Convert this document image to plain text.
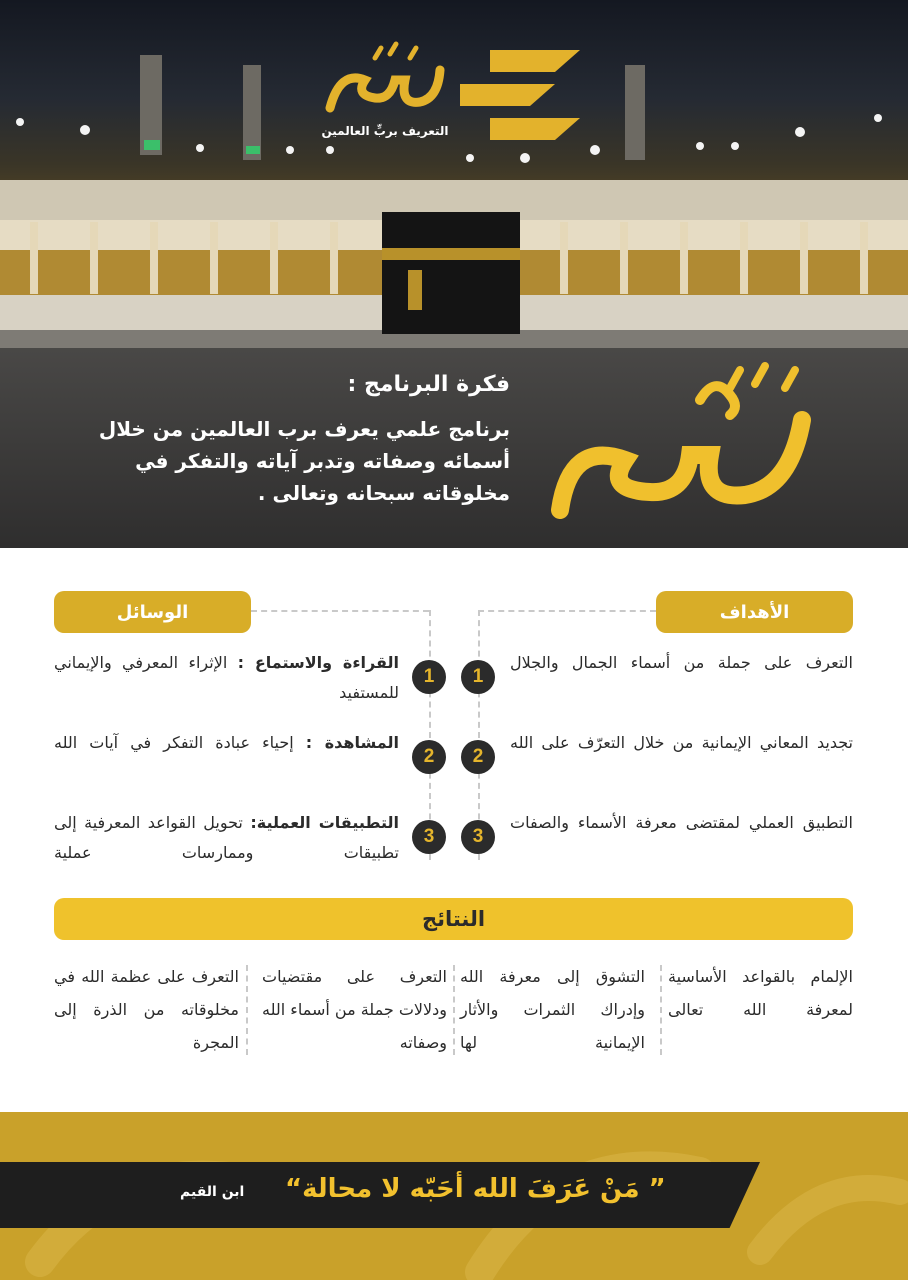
التعريف بربِّ العالمين
فكرة البرنامج :
برنامج علمي يعرف برب العالمين من خلال أسمائه وصفاته وتدبر آياته والتفكر في مخلوقاته سبحانه وتعالى .
الأهداف
الوسائل
1
التعرف على جملة من أسماء الجمال والجلال
2
تجديد المعاني الإيمانية من خلال التعرّف على الله
3
التطبيق العملي لمقتضى معرفة الأسماء والصفات
1
القراءة والاستماع : الإثراء المعرفي والإيماني للمستفيد
2
المشاهدة : إحياء عبادة التفكر في آيات الله
3
التطبيقات العملية: تحويل القواعد المعرفية إلى تطبيقات وممارسات عملية
النتائج
الإلمام بالقواعد الأساسية لمعرفة الله تعالى
التشوق إلى معرفة الله وإدراك الثمرات والأثار الإيمانية لها
التعرف على مقتضيات ودلالات جملة من أسماء الله وصفاته
التعرف على عظمة الله في مخلوقاته من الذرة إلى المجرة
” مَنْ عَرَفَ الله أحَبّه لا محالة“
ابن القيم
